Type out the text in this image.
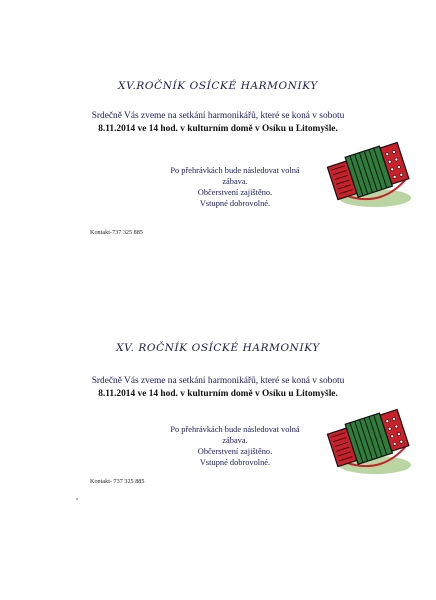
XV.ROČNÍK OSÍCKÉ HARMONIKY
Srdečně Vás zveme na setkání harmonikářů, které se koná v sobotu
8.11.2014 ve 14 hod. v kulturním domě v Osíku u Litomyšle.
Po přehrávkách bude následovat volná zábava.
Občerstvení zajištěno.
Vstupné dobrovolné.
Kontakt-737 325 885
XV. ROČNÍK OSÍCKÉ HARMONIKY
Srdečně Vás zveme na setkání harmonikářů, které se koná v sobotu
8.11.2014 ve 14 hod. v kulturním domě v Osíku u Litomyšle.
Po přehrávkách bude následovat volná zábava.
Občerstvení zajištěno.
Vstupné dobrovolné.
Kontakt- 737 325 885
